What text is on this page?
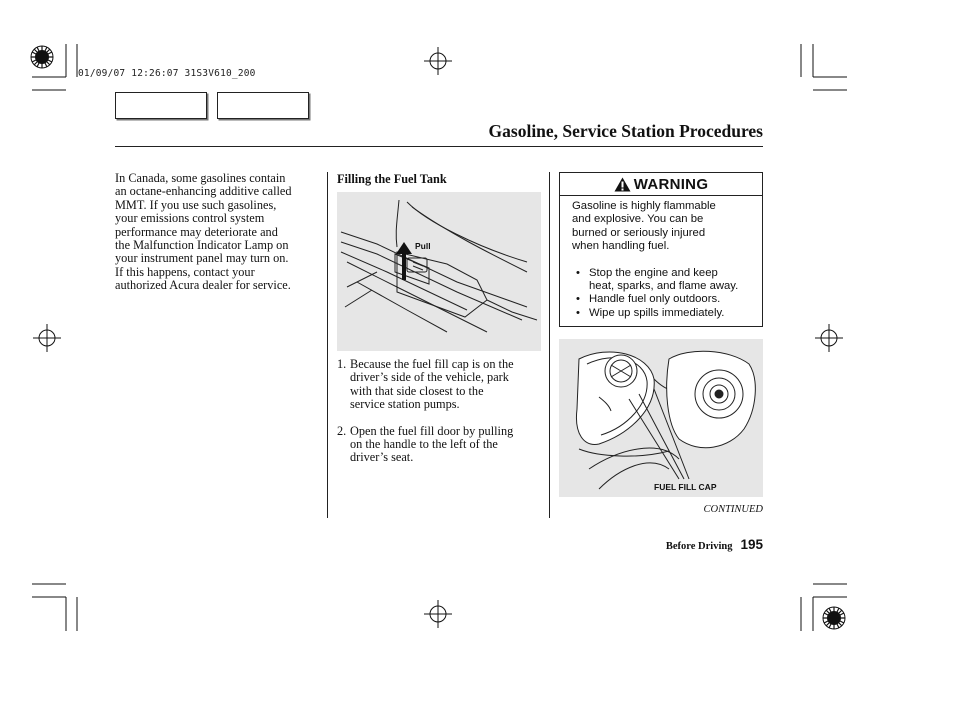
01/09/07 12:26:07 31S3V610_200
Gasoline, Service Station Procedures
In Canada, some gasolines contain
an octane-enhancing additive called
MMT. If you use such gasolines,
your emissions control system
performance may deteriorate and
the Malfunction Indicator Lamp on
your instrument panel may turn on.
If this happens, contact your
authorized Acura dealer for service.
Filling the Fuel Tank
Pull
1. Because the fuel fill cap is on the
driver’s side of the vehicle, park
with that side closest to the
service station pumps.
2. Open the fuel fill door by pulling
on the handle to the left of the
driver’s seat.
WARNING
Gasoline is highly flammable
and explosive. You can be
burned or seriously injured
when handling fuel.
• Stop the engine and keep
heat, sparks, and flame away.
• Handle fuel only outdoors.
• Wipe up spills immediately.
FUEL FILL CAP
CONTINUED
Before Driving 195
